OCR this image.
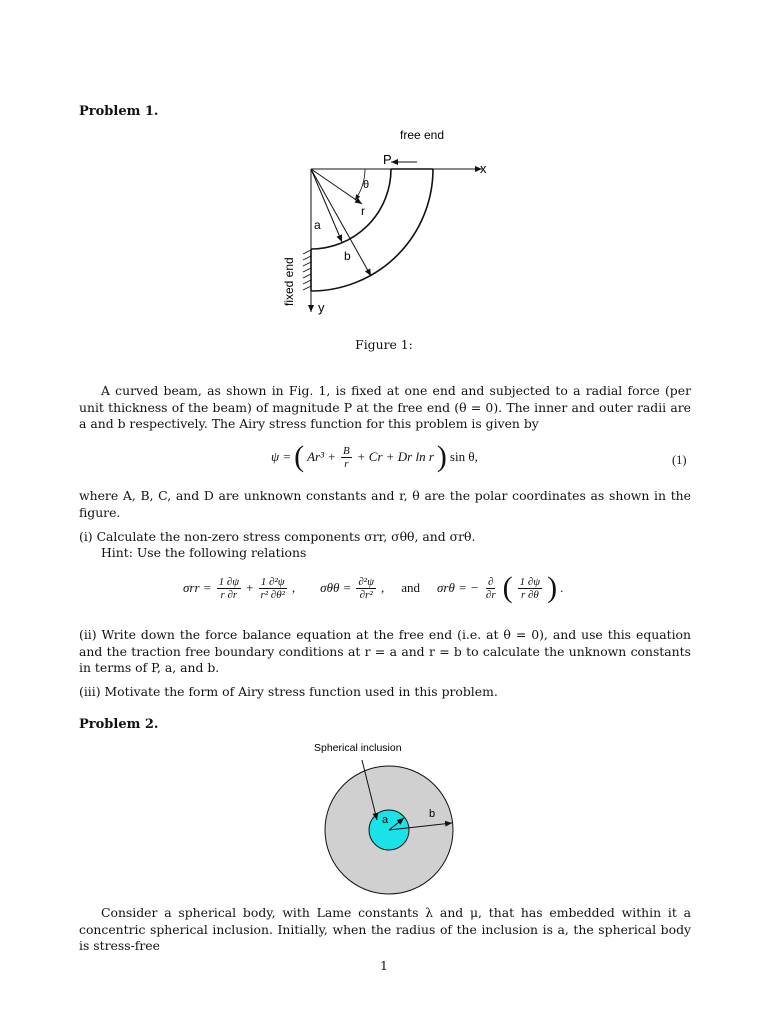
Problem 1.
free end
P
x
θ
r
a
b
fixed end
y
Figure 1:
A curved beam, as shown in Fig. 1, is fixed at one end and subjected to a radial force (per unit thickness of the beam) of magnitude P at the free end (θ = 0). The inner and outer radii are a and b respectively. The Airy stress function for this problem is given by
ψ = ( $Ar^3 + \frac{B}{r} + Cr + Dr$ ln r ) sin θ,	(1)
where A, B, C, and D are unknown constants and r, θ are the polar coordinates as shown in the figure.
(i) Calculate the non-zero stress components σrr, σθθ, and σrθ.
Hint: Use the following relations
$\sigma rr = \frac{1 \partial\psi}{r \partial r} + \frac{\text{1 ∂²ψ}}{\text{r² ∂θ²}}$ , $\sigma\theta\theta = \frac{\text{∂²ψ}}{\text{∂r²}}$ , and σrθ = − $\frac{\partial}{\partial r}$ ( $\frac{1 \partial\psi}{r \partial\theta}$ ) .
(ii) Write down the force balance equation at the free end (i.e. at θ = 0), and use this equation and the traction free boundary conditions at r = a and r = b to calculate the unknown constants in terms of P, a, and b.
(iii) Motivate the form of Airy stress function used in this problem.
Problem 2.
Spherical inclusion
a	b
Consider a spherical body, with Lame constants λ and μ, that has embedded within it a concentric spherical inclusion. Initially, when the radius of the inclusion is a, the spherical body is stress-free
1
